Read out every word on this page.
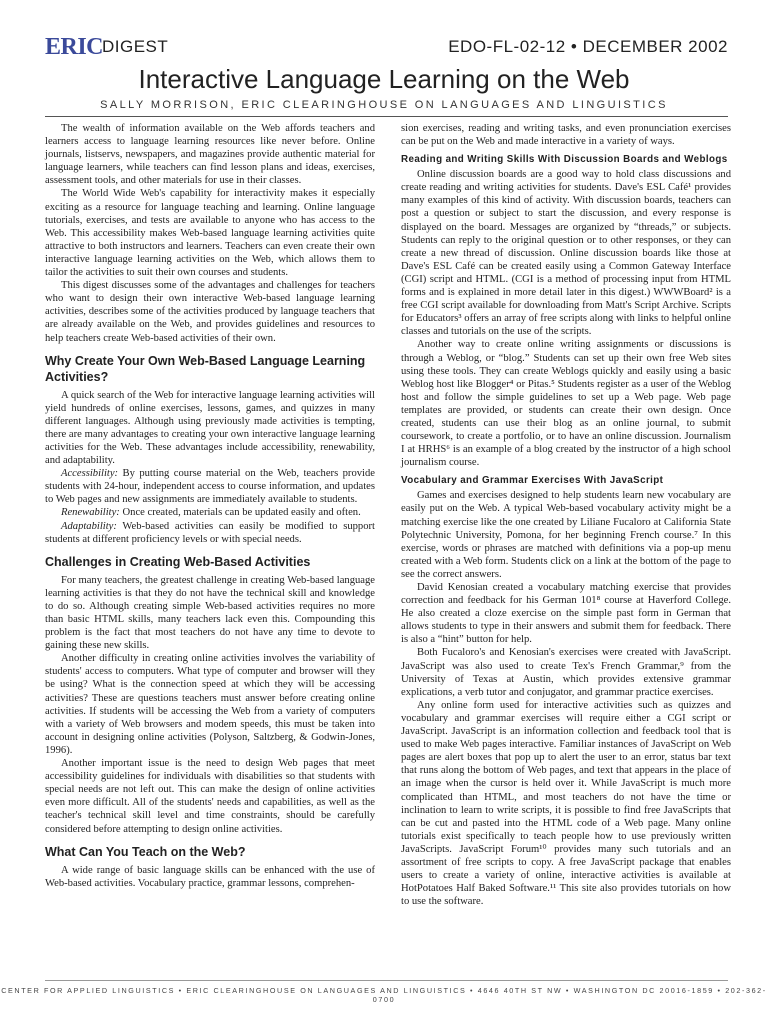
ERIC
DIGEST	EDO-FL-02-12 • DECEMBER 2002
Interactive Language Learning on the Web
SALLY MORRISON, ERIC CLEARINGHOUSE ON LANGUAGES AND LINGUISTICS

The wealth of information available on the Web affords teachers and learners access to language learning resources like never before. Online journals, listservs, newspapers, and magazines provide authentic material for language learners, while teachers can find lesson plans and ideas, exercises, assessment tools, and other materials for use in their classes.

The World Wide Web's capability for interactivity makes it especially exciting as a resource for language teaching and learning. Online language tutorials, exercises, and tests are available to anyone who has access to the Web. This accessibility makes Web-based language learning activities quite attractive to both instructors and learners. Teachers can even create their own interactive language learning activities on the Web, which allows them to tailor the activities to suit their own courses and students.

This digest discusses some of the advantages and challenges for teachers who want to design their own interactive Web-based language learning activities, describes some of the activities produced by language teachers that are already available on the Web, and provides guidelines and resources to help teachers create Web-based activities of their own.

Why Create Your Own Web-Based Language Learning Activities?

A quick search of the Web for interactive language learning activities will yield hundreds of online exercises, lessons, games, and quizzes in many different languages. Although using previously made activities is tempting, there are many advantages to creating your own interactive language learning activities for the Web. These advantages include accessibility, renewability, and adaptability.

Accessibility: By putting course material on the Web, teachers provide students with 24-hour, independent access to course information, and updates to Web pages and new assignments are immediately available to students.

Renewability: Once created, materials can be updated easily and often.

Adaptability: Web-based activities can easily be modified to support students at different proficiency levels or with special needs.

Challenges in Creating Web-Based Activities

For many teachers, the greatest challenge in creating Web-based language learning activities is that they do not have the technical skill and knowledge to do so. Although creating simple Web-based activities requires no more than basic HTML skills, many teachers lack even this. Compounding this problem is the fact that most teachers do not have any time to devote to gaining these new skills.

Another difficulty in creating online activities involves the variability of students' access to computers. What type of computer and browser will they be using? What is the connection speed at which they will be accessing activities? These are questions teachers must answer before creating online activities. If students will be accessing the Web from a variety of computers with a variety of Web browsers and modem speeds, this must be taken into account in designing online activities (Polyson, Saltzberg, & Godwin-Jones, 1996).

Another important issue is the need to design Web pages that meet accessibility guidelines for individuals with disabilities so that students with special needs are not left out. This can make the design of online activities even more difficult. All of the students' needs and capabilities, as well as the teacher's technical skill level and time constraints, should be carefully considered before attempting to design online activities.

What Can You Teach on the Web?

A wide range of basic language skills can be enhanced with the use of Web-based activities. Vocabulary practice, grammar lessons, comprehen-

sion exercises, reading and writing tasks, and even pronunciation exercises can be put on the Web and made interactive in a variety of ways.

Reading and Writing Skills With Discussion Boards and Weblogs

Online discussion boards are a good way to hold class discussions and create reading and writing activities for students. Dave's ESL Café¹ provides many examples of this kind of activity. With discussion boards, teachers can post a question or subject to start the discussion, and every response is displayed on the board. Messages are organized by “threads,” or subjects. Students can reply to the original question or to other responses, or they can create a new thread of discussion. Online discussion boards like those at Dave's ESL Café can be created easily using a Common Gateway Interface (CGI) script and HTML. (CGI is a method of processing input from HTML forms and is explained in more detail later in this digest.) WWWBoard² is a free CGI script available for downloading from Matt's Script Archive. Scripts for Educators³ offers an array of free scripts along with links to helpful online classes and tutorials on the use of the scripts.

Another way to create online writing assignments or discussions is through a Weblog, or “blog.” Students can set up their own free Web sites using these tools. They can create Weblogs quickly and easily using a basic Weblog host like Blogger⁴ or Pitas.⁵ Students register as a user of the Weblog host and follow the simple guidelines to set up a Web page. Web page templates are provided, or students can create their own design. Once created, students can use their blog as an online journal, to submit coursework, to create a portfolio, or to have an online discussion. Journalism I at HRHS⁶ is an example of a blog created by the instructor of a high school journalism course.

Vocabulary and Grammar Exercises With JavaScript

Games and exercises designed to help students learn new vocabulary are easily put on the Web. A typical Web-based vocabulary activity might be a matching exercise like the one created by Liliane Fucaloro at California State Polytechnic University, Pomona, for her beginning French course.⁷ In this exercise, words or phrases are matched with definitions via a pop-up menu created with a Web form. Students click on a link at the bottom of the page to see the correct answers.

David Kenosian created a vocabulary matching exercise that provides correction and feedback for his German 101⁸ course at Haverford College. He also created a cloze exercise on the simple past form in German that allows students to type in their answers and submit them for feedback. There is also a “hint” button for help.

Both Fucaloro's and Kenosian's exercises were created with JavaScript. JavaScript was also used to create Tex's French Grammar,⁹ from the University of Texas at Austin, which provides extensive grammar explications, a verb tutor and conjugator, and grammar practice exercises.

Any online form used for interactive activities such as quizzes and vocabulary and grammar exercises will require either a CGI script or JavaScript. JavaScript is an information collection and feedback tool that is used to make Web pages interactive. Familiar instances of JavaScript on Web pages are alert boxes that pop up to alert the user to an error, status bar text that runs along the bottom of Web pages, and text that appears in the place of an image when the cursor is held over it. While JavaScript is much more complicated than HTML, and most teachers do not have the time or inclination to learn to write scripts, it is possible to find free JavaScripts that can be cut and pasted into the HTML code of a Web page. Many online tutorials exist specifically to teach people how to use previously written JavaScripts. JavaScript Forum¹⁰ provides many such tutorials and an assortment of free scripts to copy. A free JavaScript package that enables users to create a variety of online, interactive activities is available at HotPotatoes Half Baked Software.¹¹ This site also provides tutorials on how to use the software.

CENTER FOR APPLIED LINGUISTICS • ERIC CLEARINGHOUSE ON LANGUAGES AND LINGUISTICS • 4646 40TH ST NW • WASHINGTON DC 20016-1859 • 202-362-0700
